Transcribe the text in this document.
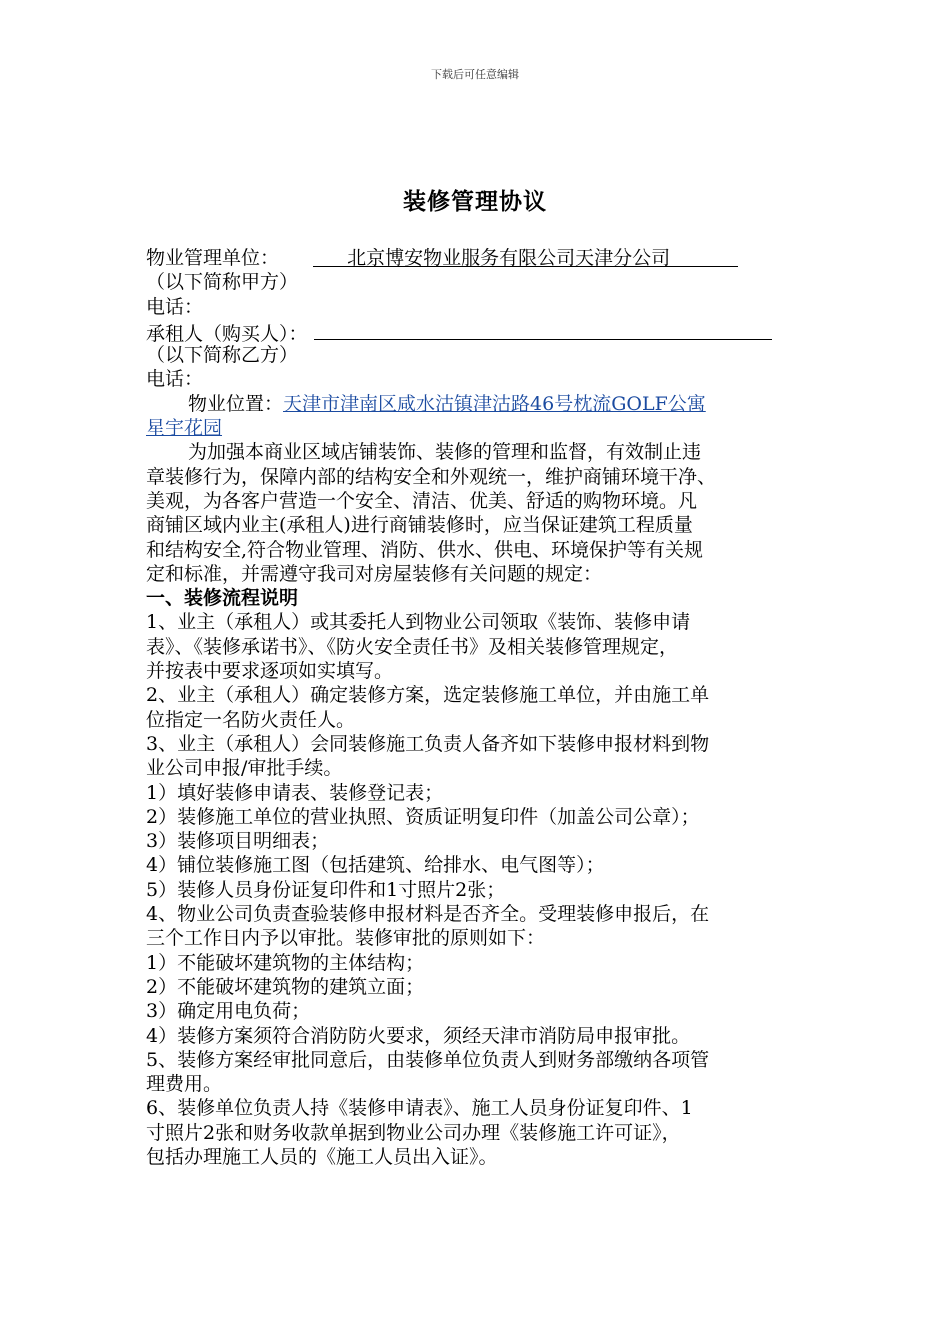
下载后可任意编辑
装修管理协议
物业管理单位：	北京博安物业服务有限公司天津分公司
（以下简称甲方）
电话：
承租人（购买人）：
（以下简称乙方）
电话：
物业位置：天津市津南区咸水沽镇津沽路46号枕流GOLF公寓
星宇花园
为加强本商业区域店铺装饰、装修的管理和监督，有效制止违
章装修行为，保障内部的结构安全和外观统一，维护商铺环境干净、
美观，为各客户营造一个安全、清洁、优美、舒适的购物环境。凡
商铺区域内业主(承租人)进行商铺装修时，应当保证建筑工程质量
和结构安全,符合物业管理、消防、供水、供电、环境保护等有关规
定和标准，并需遵守我司对房屋装修有关问题的规定：
一、装修流程说明
1、业主（承租人）或其委托人到物业公司领取《装饰、装修申请
表》、《装修承诺书》、《防火安全责任书》及相关装修管理规定，
并按表中要求逐项如实填写。
2、业主（承租人）确定装修方案，选定装修施工单位，并由施工单
位指定一名防火责任人。
3、业主（承租人）会同装修施工负责人备齐如下装修申报材料到物
业公司申报/审批手续。
1）填好装修申请表、装修登记表；
2）装修施工单位的营业执照、资质证明复印件（加盖公司公章）；
3）装修项目明细表；
4）铺位装修施工图（包括建筑、给排水、电气图等）；
5）装修人员身份证复印件和1寸照片2张；
4、物业公司负责查验装修申报材料是否齐全。受理装修申报后，在
三个工作日内予以审批。装修审批的原则如下：
1）不能破坏建筑物的主体结构；
2）不能破坏建筑物的建筑立面；
3）确定用电负荷；
4）装修方案须符合消防防火要求，须经天津市消防局申报审批。
5、装修方案经审批同意后，由装修单位负责人到财务部缴纳各项管
理费用。
6、装修单位负责人持《装修申请表》、施工人员身份证复印件、1
寸照片2张和财务收款单据到物业公司办理《装修施工许可证》，
包括办理施工人员的《施工人员出入证》。
